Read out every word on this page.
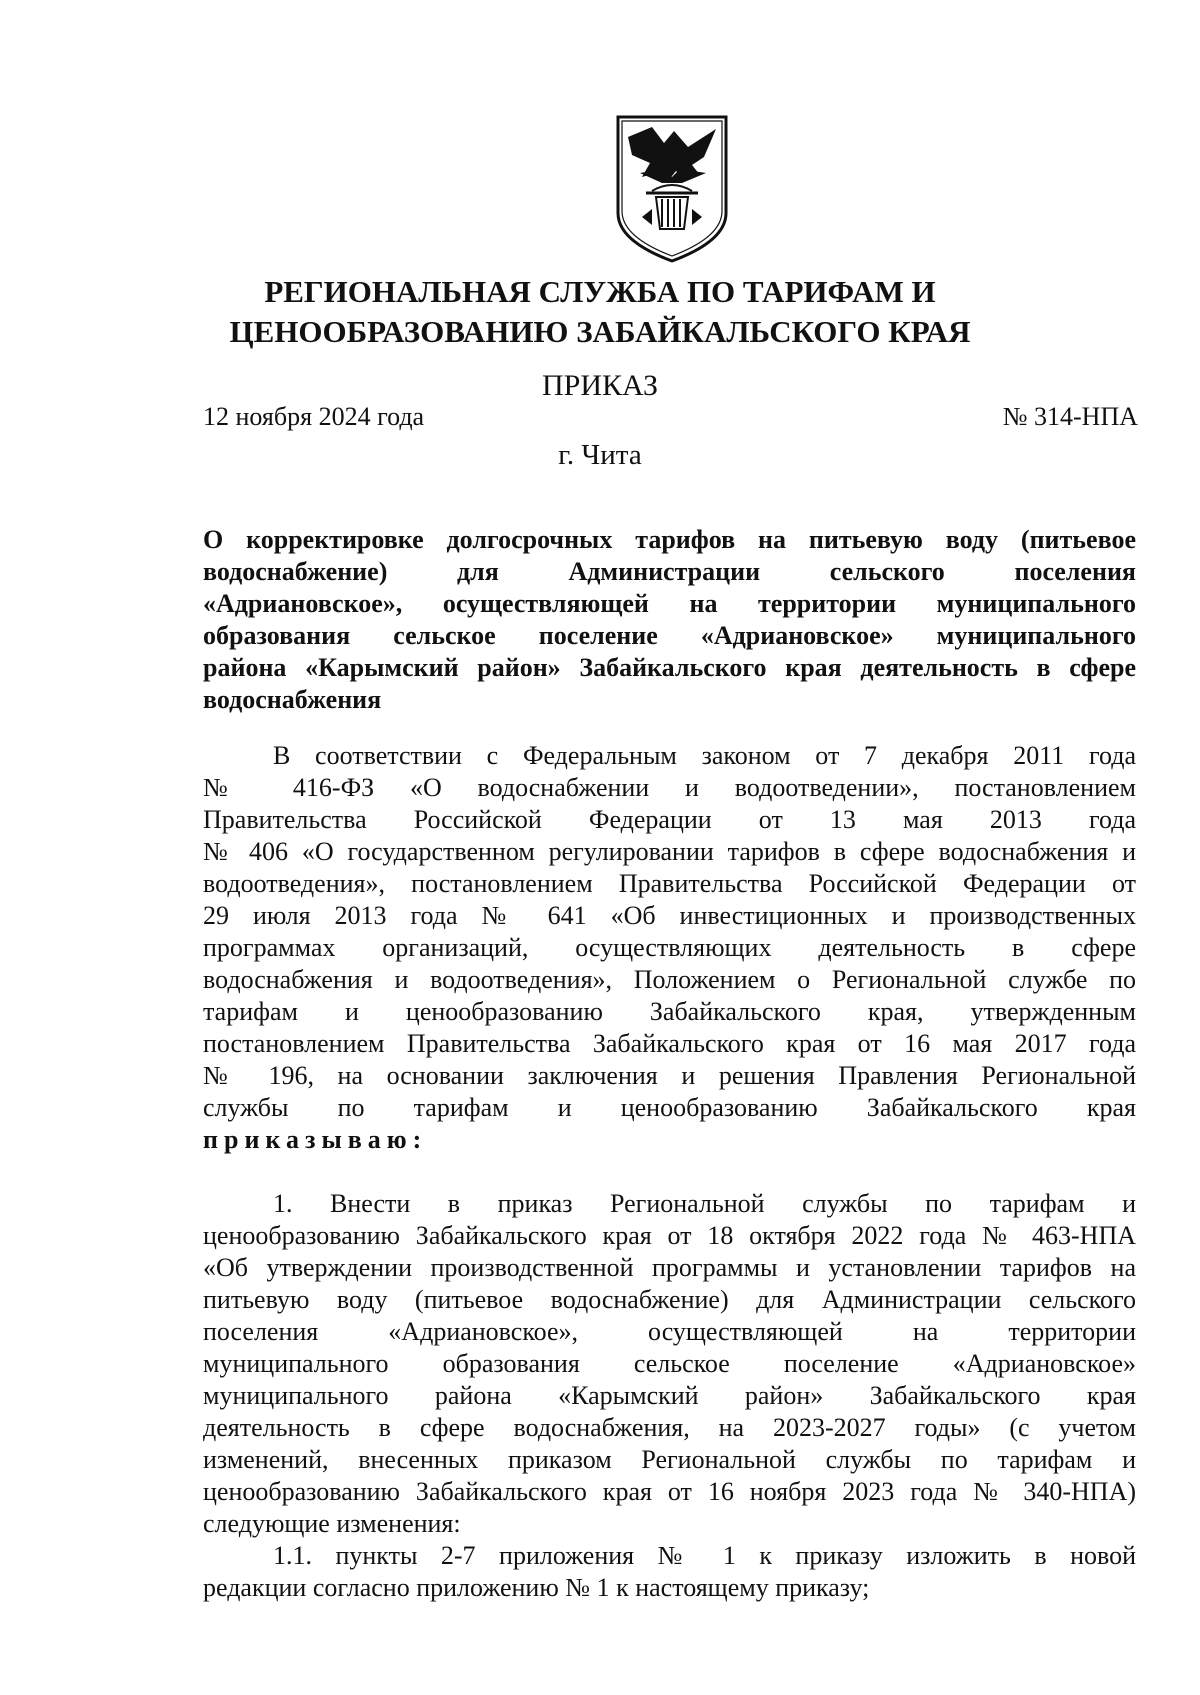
РЕГИОНАЛЬНАЯ СЛУЖБА ПО ТАРИФАМ И
ЦЕНООБРАЗОВАНИЮ ЗАБАЙКАЛЬСКОГО КРАЯ
ПРИКАЗ
12 ноября 2024 года	№ 314-НПА
г. Чита
О корректировке долгосрочных тарифов на питьевую воду (питьевое
водоснабжение) для Администрации сельского поселения
«Адриановское», осуществляющей на территории муниципального
образования сельское поселение «Адриановское» муниципального
района «Карымский район» Забайкальского края деятельность в сфере
водоснабжения
В соответствии с Федеральным законом от 7 декабря 2011 года
№ 416-ФЗ «О водоснабжении и водоотведении», постановлением
Правительства Российской Федерации от 13 мая 2013 года
№ 406 «О государственном регулировании тарифов в сфере водоснабжения и
водоотведения», постановлением Правительства Российской Федерации от
29 июля 2013 года № 641 «Об инвестиционных и производственных
программах организаций, осуществляющих деятельность в сфере
водоснабжения и водоотведения», Положением о Региональной службе по
тарифам и ценообразованию Забайкальского края, утвержденным
постановлением Правительства Забайкальского края от 16 мая 2017 года
№ 196, на основании заключения и решения Правления Региональной
службы по тарифам и ценообразованию Забайкальского края
приказываю:
1. Внести в приказ Региональной службы по тарифам и
ценообразованию Забайкальского края от 18 октября 2022 года № 463-НПА
«Об утверждении производственной программы и установлении тарифов на
питьевую воду (питьевое водоснабжение) для Администрации сельского
поселения «Адриановское», осуществляющей на территории
муниципального образования сельское поселение «Адриановское»
муниципального района «Карымский район» Забайкальского края
деятельность в сфере водоснабжения, на 2023-2027 годы» (с учетом
изменений, внесенных приказом Региональной службы по тарифам и
ценообразованию Забайкальского края от 16 ноября 2023 года № 340-НПА)
следующие изменения:
1.1. пункты 2-7 приложения № 1 к приказу изложить в новой
редакции согласно приложению № 1 к настоящему приказу;
